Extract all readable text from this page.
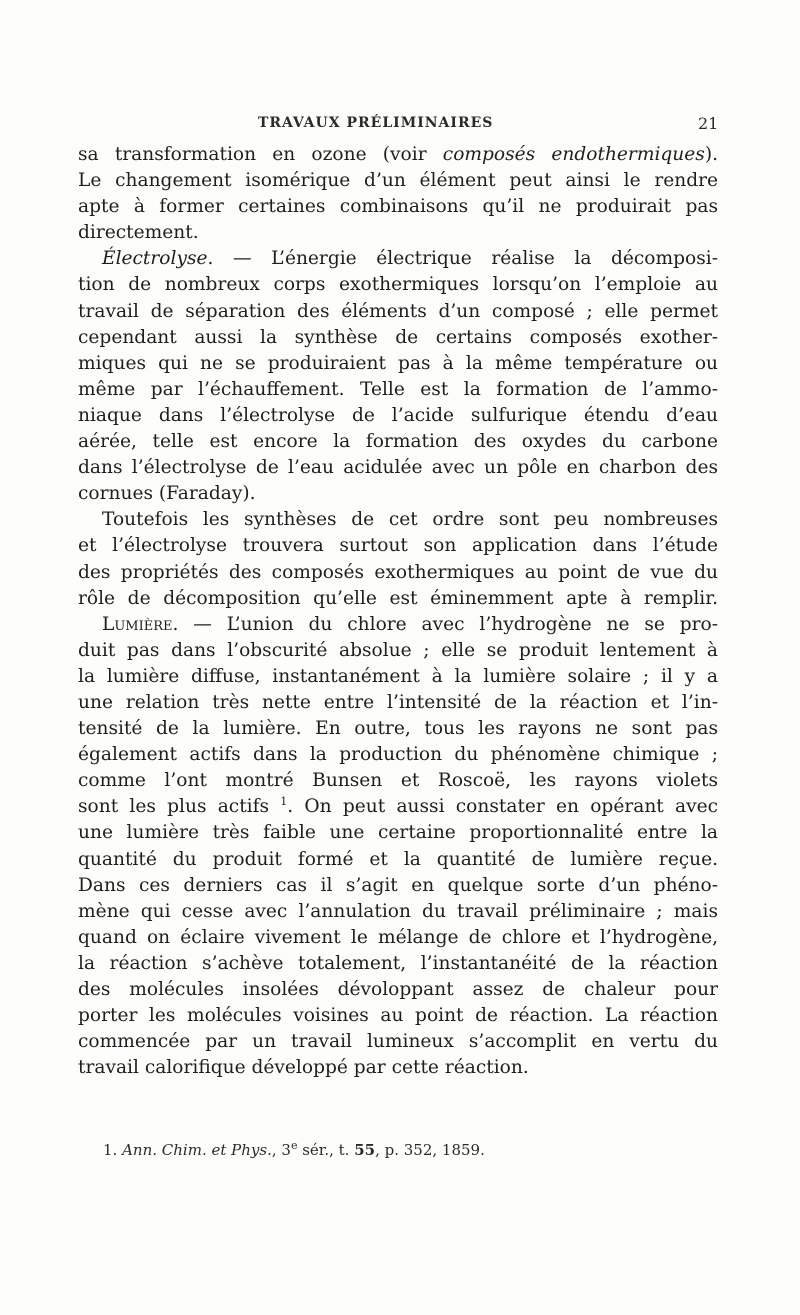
TRAVAUX PRÉLIMINAIRES	21
sa transformation en ozone (voir composés endothermiques).
Le changement isomérique d’un élément peut ainsi le rendre
apte à former certaines combinaisons qu’il ne produirait pas
directement.
Électrolyse. — L’énergie électrique réalise la décomposi-
tion de nombreux corps exothermiques lorsqu’on l’emploie au
travail de séparation des éléments d’un composé ; elle permet
cependant aussi la synthèse de certains composés exother-
miques qui ne se produiraient pas à la même température ou
même par l’échauffement. Telle est la formation de l’ammo-
niaque dans l’électrolyse de l’acide sulfurique étendu d’eau
aérée, telle est encore la formation des oxydes du carbone
dans l’électrolyse de l’eau acidulée avec un pôle en charbon des
cornues (Faraday).
Toutefois les synthèses de cet ordre sont peu nombreuses
et l’électrolyse trouvera surtout son application dans l’étude
des propriétés des composés exothermiques au point de vue du
rôle de décomposition qu’elle est éminemment apte à remplir.
Lumière. — L’union du chlore avec l’hydrogène ne se pro-
duit pas dans l’obscurité absolue ; elle se produit lentement à
la lumière diffuse, instantanément à la lumière solaire ; il y a
une relation très nette entre l’intensité de la réaction et l’in-
tensité de la lumière. En outre, tous les rayons ne sont pas
également actifs dans la production du phénomène chimique ;
comme l’ont montré Bunsen et Roscoë, les rayons violets
sont les plus actifs $^1$. On peut aussi constater en opérant avec
une lumière très faible une certaine proportionnalité entre la
quantité du produit formé et la quantité de lumière reçue.
Dans ces derniers cas il s’agit en quelque sorte d’un phéno-
mène qui cesse avec l’annulation du travail préliminaire ; mais
quand on éclaire vivement le mélange de chlore et l’hydrogène,
la réaction s’achève totalement, l’instantanéité de la réaction
des molécules insolées dévoloppant assez de chaleur pour
porter les molécules voisines au point de réaction. La réaction
commencée par un travail lumineux s’accomplit en vertu du
travail calorifique développé par cette réaction.
1. Ann. Chim. et Phys., 3e sér., t. 55, p. 352, 1859.
